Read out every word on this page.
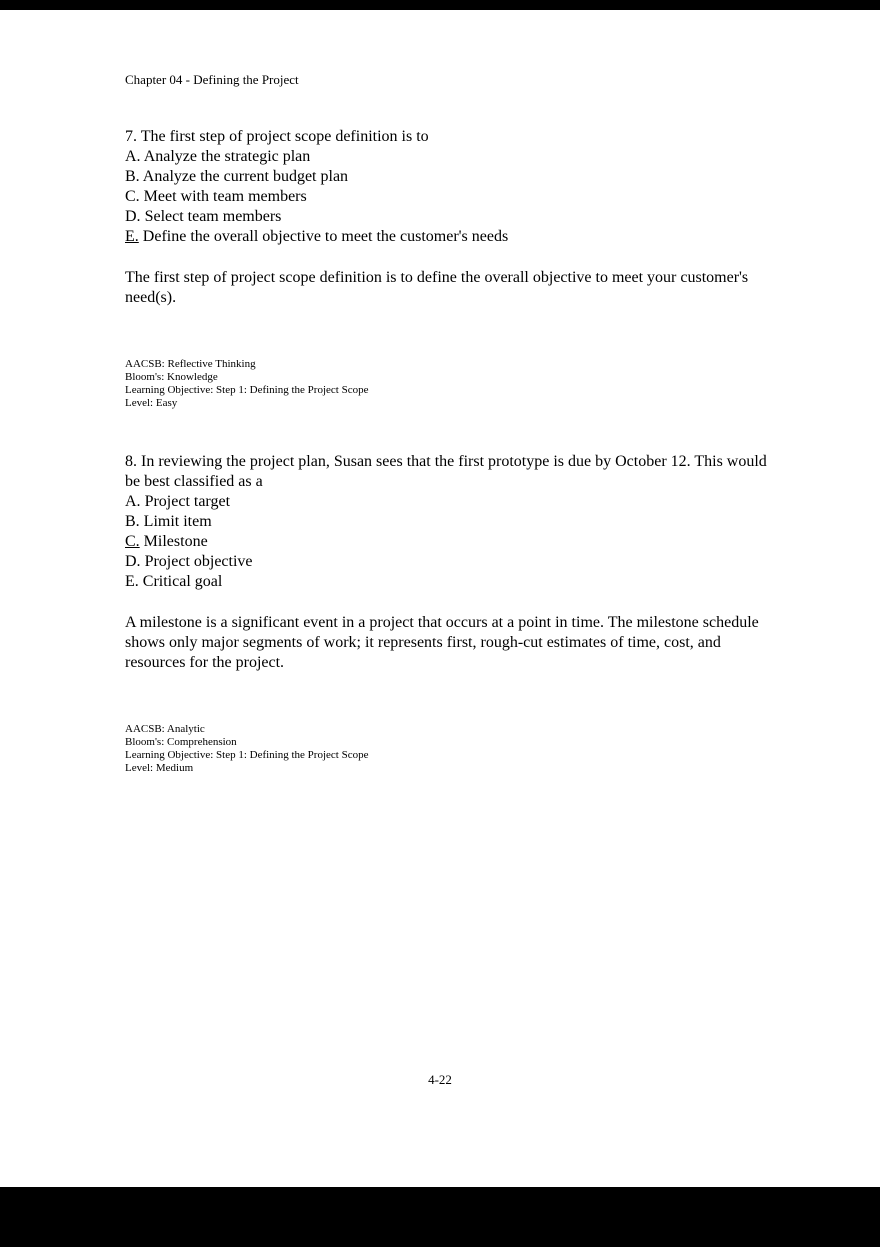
Chapter 04 - Defining the Project
7. The first step of project scope definition is to
A. Analyze the strategic plan
B. Analyze the current budget plan
C. Meet with team members
D. Select team members
E. Define the overall objective to meet the customer's needs
The first step of project scope definition is to define the overall objective to meet your customer's need(s).

AACSB: Reflective Thinking

Bloom's: Knowledge

Learning Objective: Step 1: Defining the Project Scope

Level: Easy

8. In reviewing the project plan, Susan sees that the first prototype is due by October 12. This would be best classified as a
A. Project target
B. Limit item
C. Milestone
D. Project objective
E. Critical goal
A milestone is a significant event in a project that occurs at a point in time. The milestone schedule shows only major segments of work; it represents first, rough-cut estimates of time, cost, and resources for the project.

AACSB: Analytic

Bloom's: Comprehension

Learning Objective: Step 1: Defining the Project Scope

Level: Medium

4-22
